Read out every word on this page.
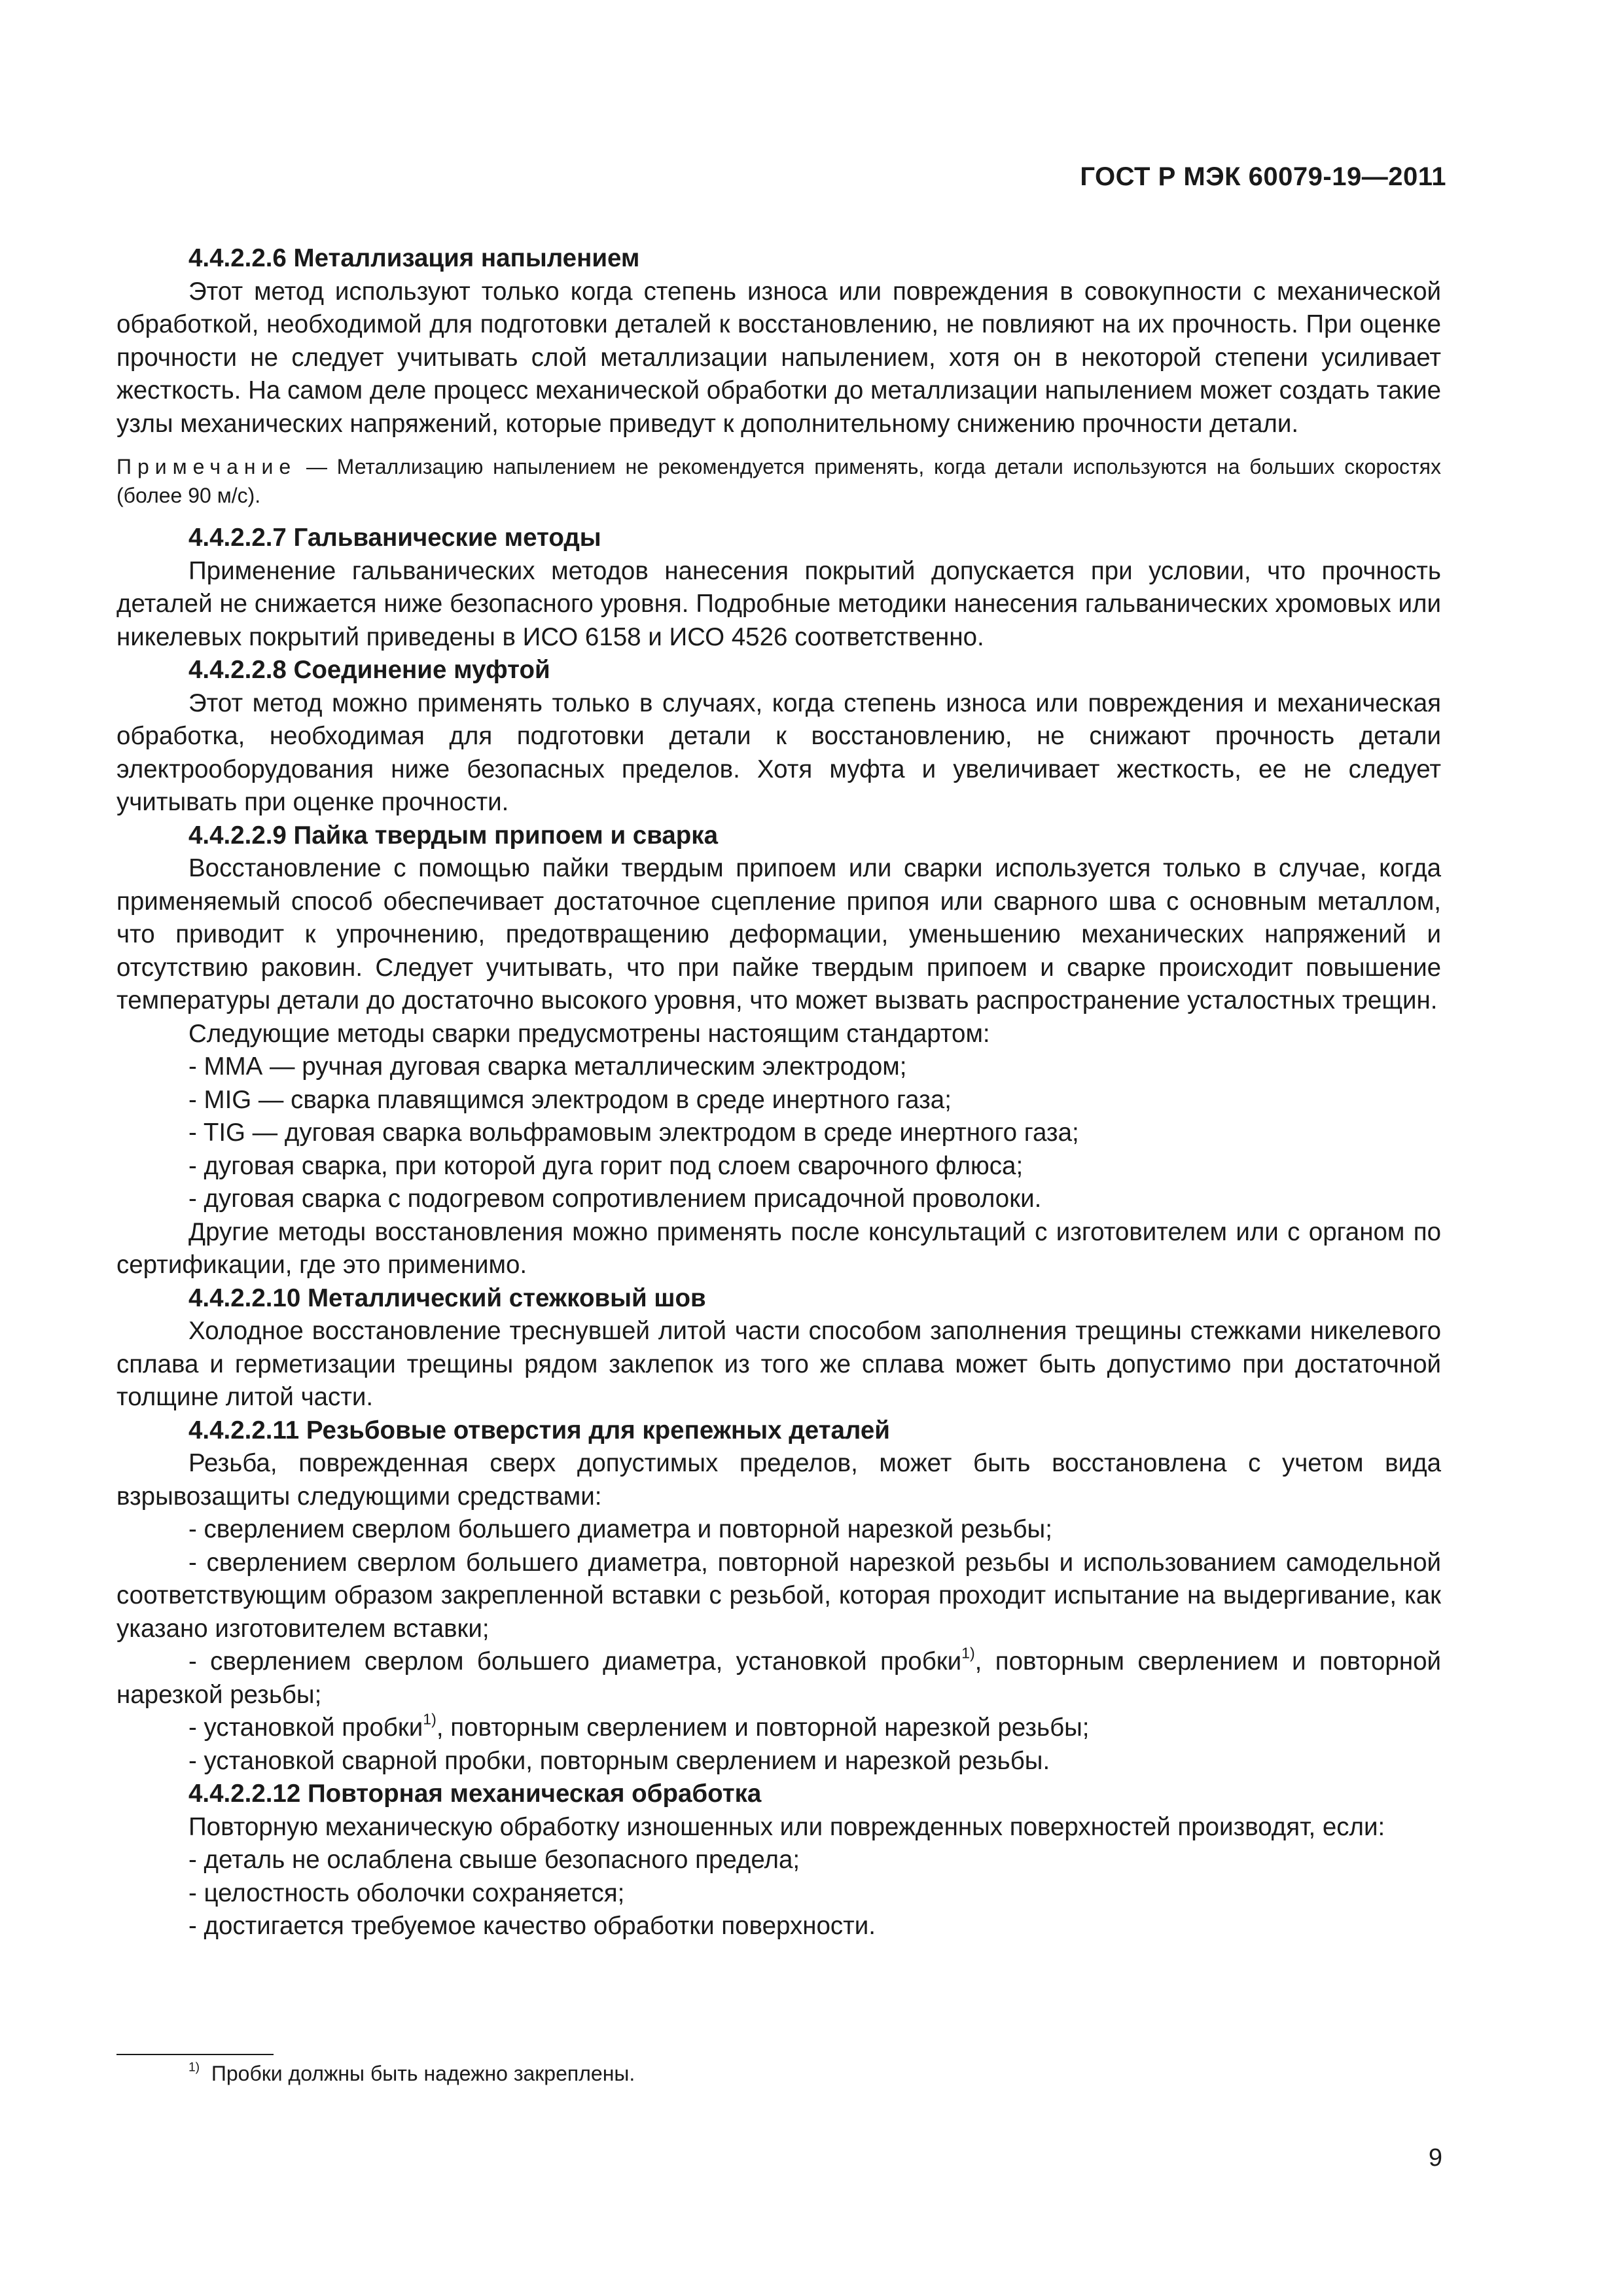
ГОСТ Р МЭК 60079-19—2011

4.4.2.2.6 Металлизация напылением

Этот метод используют только когда степень износа или повреждения в совокупности с механической обработкой, необходимой для подготовки деталей к восстановлению, не повлияют на их прочность. При оценке прочности не следует учитывать слой металлизации напылением, хотя он в некоторой степени усиливает жесткость. На самом деле процесс механической обработки до металлизации напылением может создать такие узлы механических напряжений, которые приведут к дополнительному снижению прочности детали.

Примечание — Металлизацию напылением не рекомендуется применять, когда детали используются на больших скоростях (более 90 м/с).

4.4.2.2.7 Гальванические методы

Применение гальванических методов нанесения покрытий допускается при условии, что прочность деталей не снижается ниже безопасного уровня. Подробные методики нанесения гальванических хромовых или никелевых покрытий приведены в ИСО 6158 и ИСО 4526 соответственно.

4.4.2.2.8 Соединение муфтой

Этот метод можно применять только в случаях, когда степень износа или повреждения и механическая обработка, необходимая для подготовки детали к восстановлению, не снижают прочность детали электрооборудования ниже безопасных пределов. Хотя муфта и увеличивает жесткость, ее не следует учитывать при оценке прочности.

4.4.2.2.9 Пайка твердым припоем и сварка

Восстановление с помощью пайки твердым припоем или сварки используется только в случае, когда применяемый способ обеспечивает достаточное сцепление припоя или сварного шва с основным металлом, что приводит к упрочнению, предотвращению деформации, уменьшению механических напряжений и отсутствию раковин. Следует учитывать, что при пайке твердым припоем и сварке происходит повышение температуры детали до достаточно высокого уровня, что может вызвать распространение усталостных трещин.

Следующие методы сварки предусмотрены настоящим стандартом:

- ММА — ручная дуговая сварка металлическим электродом;

- MIG — сварка плавящимся электродом в среде инертного газа;

- TIG — дуговая сварка вольфрамовым электродом в среде инертного газа;

- дуговая сварка, при которой дуга горит под слоем сварочного флюса;

- дуговая сварка с подогревом сопротивлением присадочной проволоки.

Другие методы восстановления можно применять после консультаций с изготовителем или с органом по сертификации, где это применимо.

4.4.2.2.10 Металлический стежковый шов

Холодное восстановление треснувшей литой части способом заполнения трещины стежками никелевого сплава и герметизации трещины рядом заклепок из того же сплава может быть допустимо при достаточной толщине литой части.

4.4.2.2.11 Резьбовые отверстия для крепежных деталей

Резьба, поврежденная сверх допустимых пределов, может быть восстановлена с учетом вида взрывозащиты следующими средствами:

- сверлением сверлом большего диаметра и повторной нарезкой резьбы;

- сверлением сверлом большего диаметра, повторной нарезкой резьбы и использованием самодельной соответствующим образом закрепленной вставки с резьбой, которая проходит испытание на выдергивание, как указано изготовителем вставки;

- сверлением сверлом большего диаметра, установкой пробки$^{1)}$, повторным сверлением и повторной нарезкой резьбы;

- установкой пробки$^{1)}$, повторным сверлением и повторной нарезкой резьбы;

- установкой сварной пробки, повторным сверлением и нарезкой резьбы.

4.4.2.2.12 Повторная механическая обработка

Повторную механическую обработку изношенных или поврежденных поверхностей производят, если:

- деталь не ослаблена свыше безопасного предела;

- целостность оболочки сохраняется;

- достигается требуемое качество обработки поверхности.

$^{1)}$ Пробки должны быть надежно закреплены.
9
